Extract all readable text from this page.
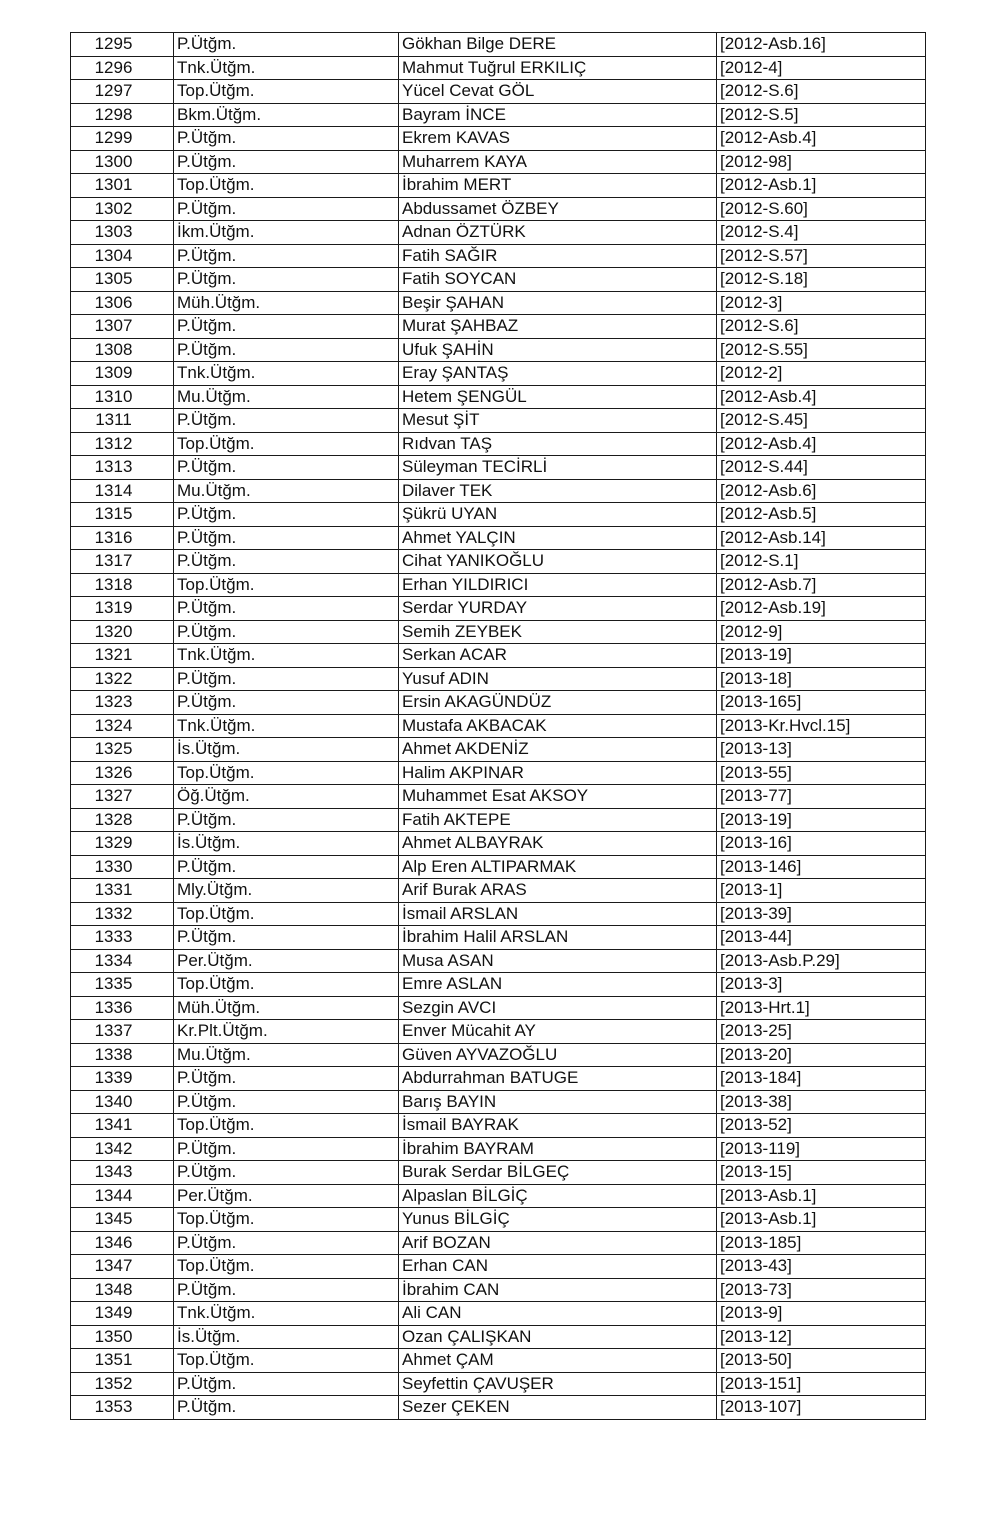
1295	P.Ütğm.	Gökhan Bilge DERE	[2012-Asb.16]
1296	Tnk.Ütğm.	Mahmut Tuğrul ERKILIÇ	[2012-4]
1297	Top.Ütğm.	Yücel Cevat GÖL	[2012-S.6]
1298	Bkm.Ütğm.	Bayram İNCE	[2012-S.5]
1299	P.Ütğm.	Ekrem KAVAS	[2012-Asb.4]
1300	P.Ütğm.	Muharrem KAYA	[2012-98]
1301	Top.Ütğm.	İbrahim MERT	[2012-Asb.1]
1302	P.Ütğm.	Abdussamet ÖZBEY	[2012-S.60]
1303	İkm.Ütğm.	Adnan ÖZTÜRK	[2012-S.4]
1304	P.Ütğm.	Fatih SAĞIR	[2012-S.57]
1305	P.Ütğm.	Fatih SOYCAN	[2012-S.18]
1306	Müh.Ütğm.	Beşir ŞAHAN	[2012-3]
1307	P.Ütğm.	Murat ŞAHBAZ	[2012-S.6]
1308	P.Ütğm.	Ufuk ŞAHİN	[2012-S.55]
1309	Tnk.Ütğm.	Eray ŞANTAŞ	[2012-2]
1310	Mu.Ütğm.	Hetem ŞENGÜL	[2012-Asb.4]
1311	P.Ütğm.	Mesut ŞİT	[2012-S.45]
1312	Top.Ütğm.	Rıdvan TAŞ	[2012-Asb.4]
1313	P.Ütğm.	Süleyman TECİRLİ	[2012-S.44]
1314	Mu.Ütğm.	Dilaver TEK	[2012-Asb.6]
1315	P.Ütğm.	Şükrü UYAN	[2012-Asb.5]
1316	P.Ütğm.	Ahmet YALÇIN	[2012-Asb.14]
1317	P.Ütğm.	Cihat YANIKOĞLU	[2012-S.1]
1318	Top.Ütğm.	Erhan YILDIRICI	[2012-Asb.7]
1319	P.Ütğm.	Serdar YURDAY	[2012-Asb.19]
1320	P.Ütğm.	Semih ZEYBEK	[2012-9]
1321	Tnk.Ütğm.	Serkan ACAR	[2013-19]
1322	P.Ütğm.	Yusuf ADIN	[2013-18]
1323	P.Ütğm.	Ersin AKAGÜNDÜZ	[2013-165]
1324	Tnk.Ütğm.	Mustafa AKBACAK	[2013-Kr.Hvcl.15]
1325	İs.Ütğm.	Ahmet AKDENİZ	[2013-13]
1326	Top.Ütğm.	Halim AKPINAR	[2013-55]
1327	Öğ.Ütğm.	Muhammet Esat AKSOY	[2013-77]
1328	P.Ütğm.	Fatih AKTEPE	[2013-19]
1329	İs.Ütğm.	Ahmet ALBAYRAK	[2013-16]
1330	P.Ütğm.	Alp Eren ALTIPARMAK	[2013-146]
1331	Mly.Ütğm.	Arif Burak ARAS	[2013-1]
1332	Top.Ütğm.	İsmail ARSLAN	[2013-39]
1333	P.Ütğm.	İbrahim Halil ARSLAN	[2013-44]
1334	Per.Ütğm.	Musa ASAN	[2013-Asb.P.29]
1335	Top.Ütğm.	Emre ASLAN	[2013-3]
1336	Müh.Ütğm.	Sezgin AVCI	[2013-Hrt.1]
1337	Kr.Plt.Ütğm.	Enver Mücahit AY	[2013-25]
1338	Mu.Ütğm.	Güven AYVAZOĞLU	[2013-20]
1339	P.Ütğm.	Abdurrahman BATUGE	[2013-184]
1340	P.Ütğm.	Barış BAYIN	[2013-38]
1341	Top.Ütğm.	İsmail BAYRAK	[2013-52]
1342	P.Ütğm.	İbrahim BAYRAM	[2013-119]
1343	P.Ütğm.	Burak Serdar BİLGEÇ	[2013-15]
1344	Per.Ütğm.	Alpaslan BİLGİÇ	[2013-Asb.1]
1345	Top.Ütğm.	Yunus BİLGİÇ	[2013-Asb.1]
1346	P.Ütğm.	Arif BOZAN	[2013-185]
1347	Top.Ütğm.	Erhan CAN	[2013-43]
1348	P.Ütğm.	İbrahim CAN	[2013-73]
1349	Tnk.Ütğm.	Ali CAN	[2013-9]
1350	İs.Ütğm.	Ozan ÇALIŞKAN	[2013-12]
1351	Top.Ütğm.	Ahmet ÇAM	[2013-50]
1352	P.Ütğm.	Seyfettin ÇAVUŞER	[2013-151]
1353	P.Ütğm.	Sezer ÇEKEN	[2013-107]
